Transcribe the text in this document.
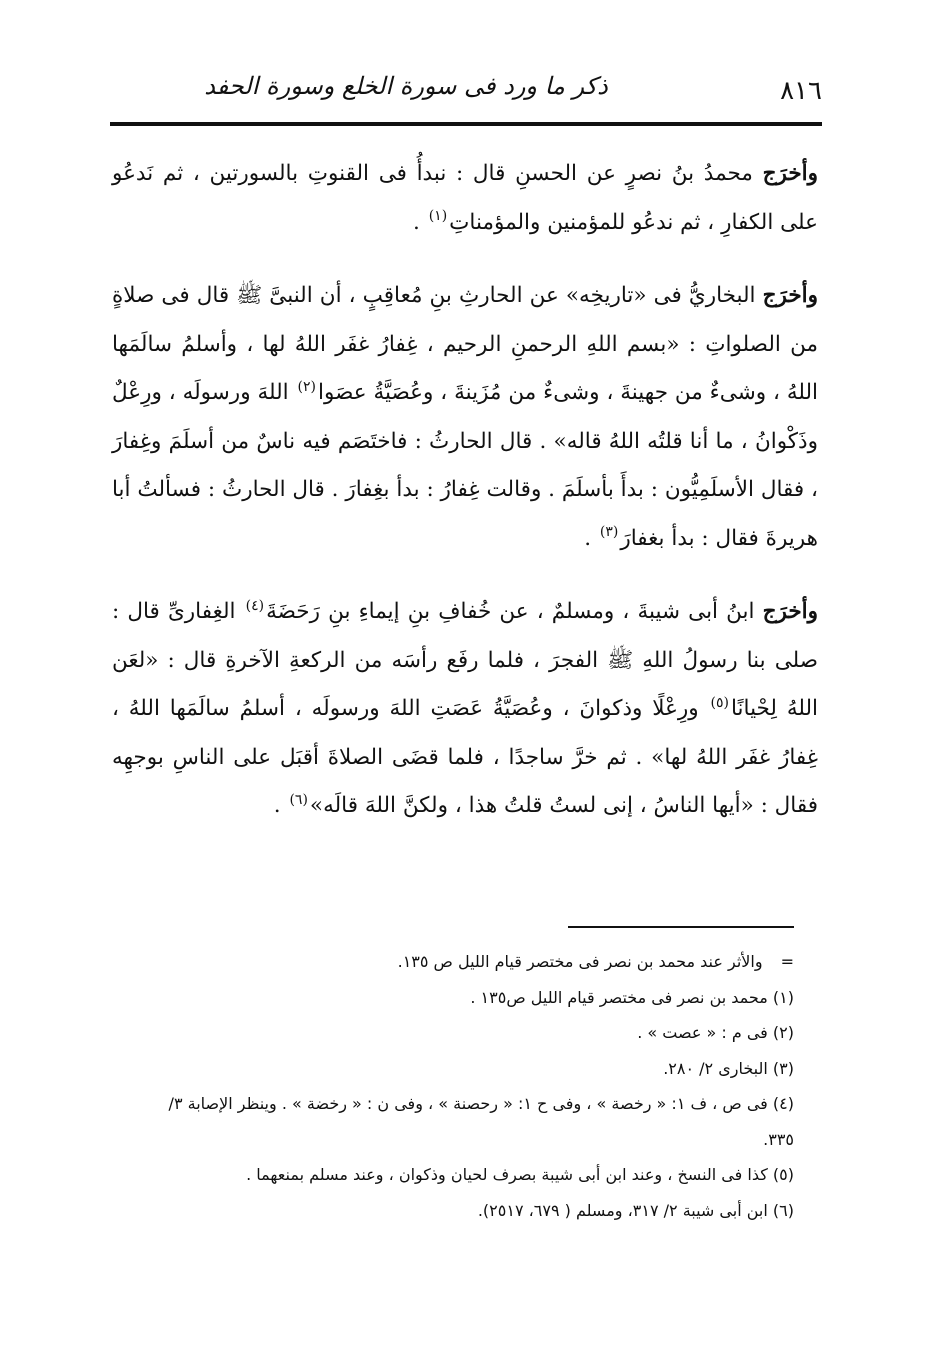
٨١٦
ذكر ما ورد فى سورة الخلع وسورة الحفد

وأخرَج محمدُ بنُ نصرٍ عن الحسنِ قال : نبدأُ فى القنوتِ بالسورتين ، ثم نَدعُو على الكفارِ ، ثم ندعُو للمؤمنين والمؤمناتِ$^{(١)}$ .

وأخرَج البخاريُّ فى «تاريخِه» عن الحارثِ بنِ مُعاقِبٍ ، أن النبىَّ ﷺ قال فى صلاةٍ من الصلواتِ : «بسم اللهِ الرحمنِ الرحيم ، غِفارُ غفَر اللهُ لها ، وأسلمُ سالَمَها اللهُ ، وشىءٌ من جهينةَ ، وشىءٌ من مُزَينةَ ، وعُصَيَّةُ عصَوا$^{(٢)}$ اللهَ ورسولَه ، ورِعْلٌ وذَكْوانُ ، ما أنا قلتُه اللهُ قاله» . قال الحارثُ : فاختَصَم فيه ناسٌ من أسلَمَ وغِفارَ ، فقال الأسلَمِيُّون : بدأَ بأسلَمَ . وقالت غِفارُ : بدأ بغِفارَ . قال الحارثُ : فسألتُ أبا هريرةَ فقال : بدأ بغفارَ$^{(٣)}$ .

وأخرَج ابنُ أبى شيبةَ ، ومسلمٌ ، عن خُفافِ بنِ إيماءِ بنِ رَحَضَةَ$^{(٤)}$ الغِفارىِّ قال : صلى بنا رسولُ اللهِ ﷺ الفجرَ ، فلما رفَع رأسَه من الركعةِ الآخرةِ قال : «لعَن اللهُ لِحْيانًا$^{(٥)}$ ورِعْلًا وذكوانَ ، وعُصَيَّةُ عَصَتِ اللهَ ورسولَه ، أسلمُ سالَمَها اللهُ ، غِفارُ غفَر اللهُ لها» . ثم خرَّ ساجدًا ، فلما قضَى الصلاةَ أقبَل على الناسِ بوجهِه فقال : «أيها الناسُ ، إنى لستُ قلتُ هذا ، ولكنَّ اللهَ قالَه»$^{(٦)}$ .

=والأثر عند محمد بن نصر فى مختصر قيام الليل ص ١٣٥.
(١) محمد بن نصر فى مختصر قيام الليل ص١٣٥ .
(٢) فى م : « عصت » .
(٣) البخارى ٢/ ٢٨٠.
(٤) فى ص ، ف ١: « رخصة » ، وفى ح ١: « رحصنة » ، وفى ن : « رخضة » . وينظر الإصابة ٣/
٣٣٥.
(٥) كذا فى النسخ ، وعند ابن أبى شيبة بصرف لحيان وذكوان ، وعند مسلم بمنعهما .
(٦) ابن أبى شيبة ٢/ ٣١٧، ومسلم ( ٦٧٩، ٢٥١٧).
